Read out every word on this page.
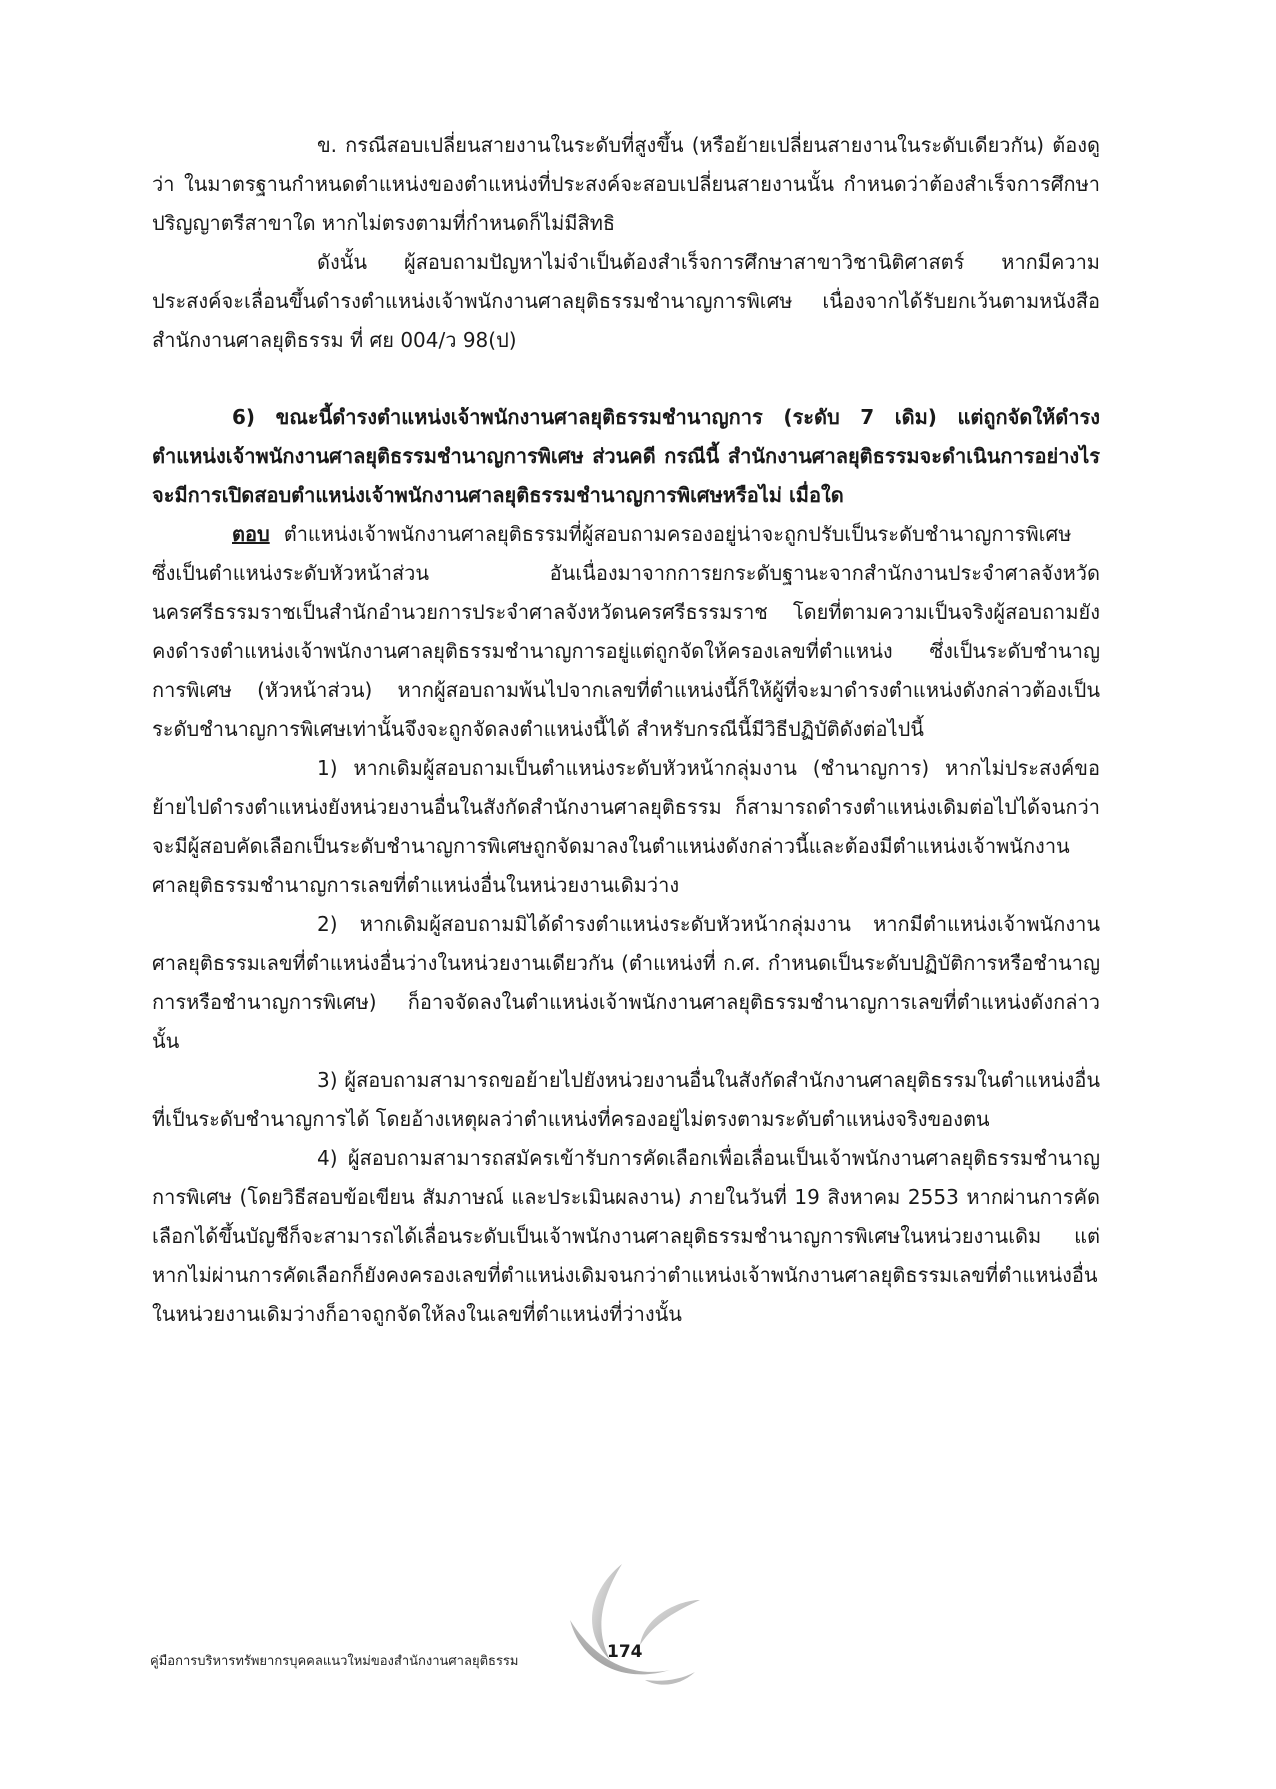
ข. กรณีสอบเปลี่ยนสายงานในระดับที่สูงขึ้น (หรือย้ายเปลี่ยนสายงานในระดับเดียวกัน) ต้องดูว่า ในมาตรฐานกำหนดตำแหน่งของตำแหน่งที่ประสงค์จะสอบเปลี่ยนสายงานนั้น กำหนดว่าต้องสำเร็จการศึกษาปริญญาตรีสาขาใด หากไม่ตรงตามที่กำหนดก็ไม่มีสิทธิ

ดังนั้น ผู้สอบถามปัญหาไม่จำเป็นต้องสำเร็จการศึกษาสาขาวิชานิติศาสตร์ หากมีความประสงค์จะเลื่อนขึ้นดำรงตำแหน่งเจ้าพนักงานศาลยุติธรรมชำนาญการพิเศษ เนื่องจากได้รับยกเว้นตามหนังสือสำนักงานศาลยุติธรรม ที่ ศย 004/ว 98(ป)

6) ขณะนี้ดำรงตำแหน่งเจ้าพนักงานศาลยุติธรรมชำนาญการ (ระดับ 7 เดิม) แต่ถูกจัดให้ดำรงตำแหน่งเจ้าพนักงานศาลยุติธรรมชำนาญการพิเศษ ส่วนคดี กรณีนี้ สำนักงานศาลยุติธรรมจะดำเนินการอย่างไร จะมีการเปิดสอบตำแหน่งเจ้าพนักงานศาลยุติธรรมชำนาญการพิเศษหรือไม่ เมื่อใด

ตอบ ตำแหน่งเจ้าพนักงานศาลยุติธรรมที่ผู้สอบถามครองอยู่น่าจะถูกปรับเป็นระดับชำนาญการพิเศษ ซึ่งเป็นตำแหน่งระดับหัวหน้าส่วน อันเนื่องมาจากการยกระดับฐานะจากสำนักงานประจำศาลจังหวัดนครศรีธรรมราชเป็นสำนักอำนวยการประจำศาลจังหวัดนครศรีธรรมราช โดยที่ตามความเป็นจริงผู้สอบถามยังคงดำรงตำแหน่งเจ้าพนักงานศาลยุติธรรมชำนาญการอยู่แต่ถูกจัดให้ครองเลขที่ตำแหน่ง ซึ่งเป็นระดับชำนาญการพิเศษ (หัวหน้าส่วน) หากผู้สอบถามพ้นไปจากเลขที่ตำแหน่งนี้ก็ให้ผู้ที่จะมาดำรงตำแหน่งดังกล่าวต้องเป็นระดับชำนาญการพิเศษเท่านั้นจึงจะถูกจัดลงตำแหน่งนี้ได้ สำหรับกรณีนี้มีวิธีปฏิบัติดังต่อไปนี้

1) หากเดิมผู้สอบถามเป็นตำแหน่งระดับหัวหน้ากลุ่มงาน (ชำนาญการ) หากไม่ประสงค์ขอย้ายไปดำรงตำแหน่งยังหน่วยงานอื่นในสังกัดสำนักงานศาลยุติธรรม ก็สามารถดำรงตำแหน่งเดิมต่อไปได้จนกว่าจะมีผู้สอบคัดเลือกเป็นระดับชำนาญการพิเศษถูกจัดมาลงในตำแหน่งดังกล่าวนี้และต้องมีตำแหน่งเจ้าพนักงานศาลยุติธรรมชำนาญการเลขที่ตำแหน่งอื่นในหน่วยงานเดิมว่าง

2) หากเดิมผู้สอบถามมิได้ดำรงตำแหน่งระดับหัวหน้ากลุ่มงาน หากมีตำแหน่งเจ้าพนักงานศาลยุติธรรมเลขที่ตำแหน่งอื่นว่างในหน่วยงานเดียวกัน (ตำแหน่งที่ ก.ศ. กำหนดเป็นระดับปฏิบัติการหรือชำนาญการหรือชำนาญการพิเศษ) ก็อาจจัดลงในตำแหน่งเจ้าพนักงานศาลยุติธรรมชำนาญการเลขที่ตำแหน่งดังกล่าวนั้น

3) ผู้สอบถามสามารถขอย้ายไปยังหน่วยงานอื่นในสังกัดสำนักงานศาลยุติธรรมในตำแหน่งอื่นที่เป็นระดับชำนาญการได้ โดยอ้างเหตุผลว่าตำแหน่งที่ครองอยู่ไม่ตรงตามระดับตำแหน่งจริงของตน

4) ผู้สอบถามสามารถสมัครเข้ารับการคัดเลือกเพื่อเลื่อนเป็นเจ้าพนักงานศาลยุติธรรมชำนาญการพิเศษ (โดยวิธีสอบข้อเขียน สัมภาษณ์ และประเมินผลงาน) ภายในวันที่ 19 สิงหาคม 2553 หากผ่านการคัดเลือกได้ขึ้นบัญชีก็จะสามารถได้เลื่อนระดับเป็นเจ้าพนักงานศาลยุติธรรมชำนาญการพิเศษในหน่วยงานเดิม แต่หากไม่ผ่านการคัดเลือกก็ยังคงครองเลขที่ตำแหน่งเดิมจนกว่าตำแหน่งเจ้าพนักงานศาลยุติธรรมเลขที่ตำแหน่งอื่นในหน่วยงานเดิมว่างก็อาจถูกจัดให้ลงในเลขที่ตำแหน่งที่ว่างนั้น

คู่มือการบริหารทรัพยากรบุคคลแนวใหม่ของสำนักงานศาลยุติธรรม	174
